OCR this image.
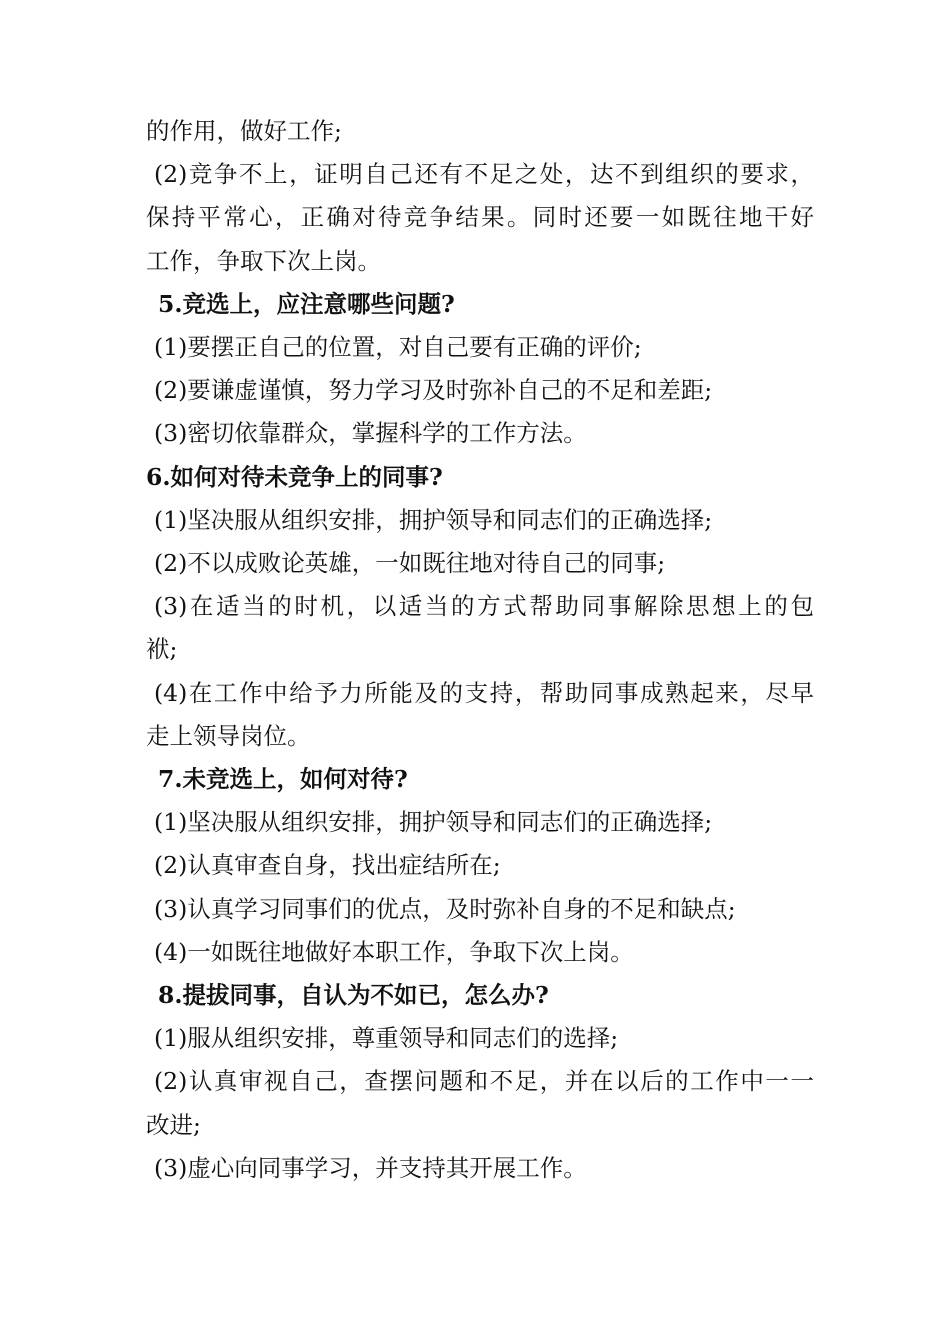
的作用，做好工作;
(2)竞争不上，证明自己还有不足之处，达不到组织的要求，
保持平常心，正确对待竞争结果。同时还要一如既往地干好
工作，争取下次上岗。
5.竞选上，应注意哪些问题?
(1)要摆正自己的位置，对自己要有正确的评价;
(2)要谦虚谨慎，努力学习及时弥补自己的不足和差距;
(3)密切依靠群众，掌握科学的工作方法。
6.如何对待未竞争上的同事?
(1)坚决服从组织安排，拥护领导和同志们的正确选择;
(2)不以成败论英雄，一如既往地对待自己的同事;
(3)在适当的时机，以适当的方式帮助同事解除思想上的包
袱;
(4)在工作中给予力所能及的支持，帮助同事成熟起来，尽早
走上领导岗位。
7.未竞选上，如何对待?
(1)坚决服从组织安排，拥护领导和同志们的正确选择;
(2)认真审查自身，找出症结所在;
(3)认真学习同事们的优点，及时弥补自身的不足和缺点;
(4)一如既往地做好本职工作，争取下次上岗。
8.提拔同事，自认为不如已，怎么办?
(1)服从组织安排，尊重领导和同志们的选择;
(2)认真审视自己，查摆问题和不足，并在以后的工作中一一
改进;
(3)虚心向同事学习，并支持其开展工作。
